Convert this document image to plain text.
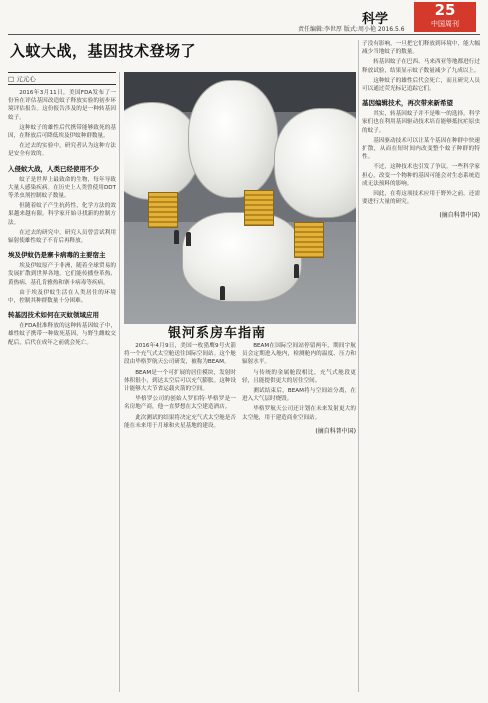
科学
25
中国周刊
责任编辑:李世厚 版式:周小艳 2016.5.6
入蚊大战，基因技术登场了
□ 元元心

2016年3月11日，美国FDA发布了一份旨在评估基因改造蚊子释放实验的初步环境评估报告。这份报告涉及的是一种转基因蚊子。

这种蚊子的雄性后代携带能够致死的基因，在释放后可降低埃及伊蚊种群数量。

在过去的实验中，研究者认为这种方法是安全有效的。

入侵蚊大战，人类已经使用不少

蚊子是世界上最致命的生物，每年导致大量人感染疾病。在历史上人类曾使用DDT等杀虫剂控制蚊子数量。

但随着蚊子产生抗药性，化学方法的效果越来越有限。科学家开始寻找新的控制方法。

在过去的研究中，研究人员曾尝试利用辐射使雄性蚊子不育后再释放。

埃及伊蚊仍是寨卡病毒的主要宿主

埃及伊蚊原产于非洲，随着全球贸易的发展扩散到世界各地。它们能传播登革热、黄热病、基孔肯雅热和寨卡病毒等疾病。

由于埃及伊蚊生活在人类居住的环境中，控制其种群数量十分困难。

转基因技术如何在灭蚊领域应用

在FDA批准释放的这种转基因蚊子中，雄性蚊子携带一种致死基因，与野生雌蚊交配后，后代在成年之前就会死亡。

银河系房车指南

2016年4月9日，美国一枚猎鹰9号火箭将一个充气式太空舱送往国际空间站。这个舱段由毕格罗航天公司研发，被称为BEAM。

BEAM是一个可扩展的居住模块，发射时体积很小，到达太空后可以充气膨胀。这种设计能够大大节省运载火箭的空间。

毕格罗公司的创始人罗伯特·毕格罗是一名房地产商，他一直梦想在太空建造酒店。

此次测试的结果将决定充气式太空舱是否能在未来用于月球和火星基地的建设。

BEAM在国际空间站停留两年，期间宇航员会定期进入舱内，检测舱内的温度、压力和辐射水平。

与传统的金属舱段相比，充气式舱段更轻，且能提供更大的居住空间。

测试结束后，BEAM将与空间站分离，在进入大气层时烧毁。

毕格罗航天公司还计划在未来发射更大的太空舱，用于建造商业空间站。

(摘自科普中国)

子没有影响，一旦把它们释放到环境中，能大幅减少当地蚊子的数量。

转基因蚊子在巴西、马来西亚等地都进行过释放试验，结果显示蚊子数量减少了九成以上。

这种蚊子的雄性后代会死亡，而且研究人员可以通过荧光标记追踪它们。

基因编辑技术，再次带来新希望

其实，转基因蚊子并不是唯一的选择。科学家们也在利用基因驱动技术培育能够抵抗疟原虫的蚊子。

基因驱动技术可以让某个基因在种群中快速扩散，从而在短时间内改变整个蚊子种群的特性。

不过，这种技术也引发了争议。一些科学家担心，改变一个物种的基因可能会对生态系统造成无法预料的影响。

因此，在将这项技术应用于野外之前，还需要进行大量的研究。

(摘自科普中国)
